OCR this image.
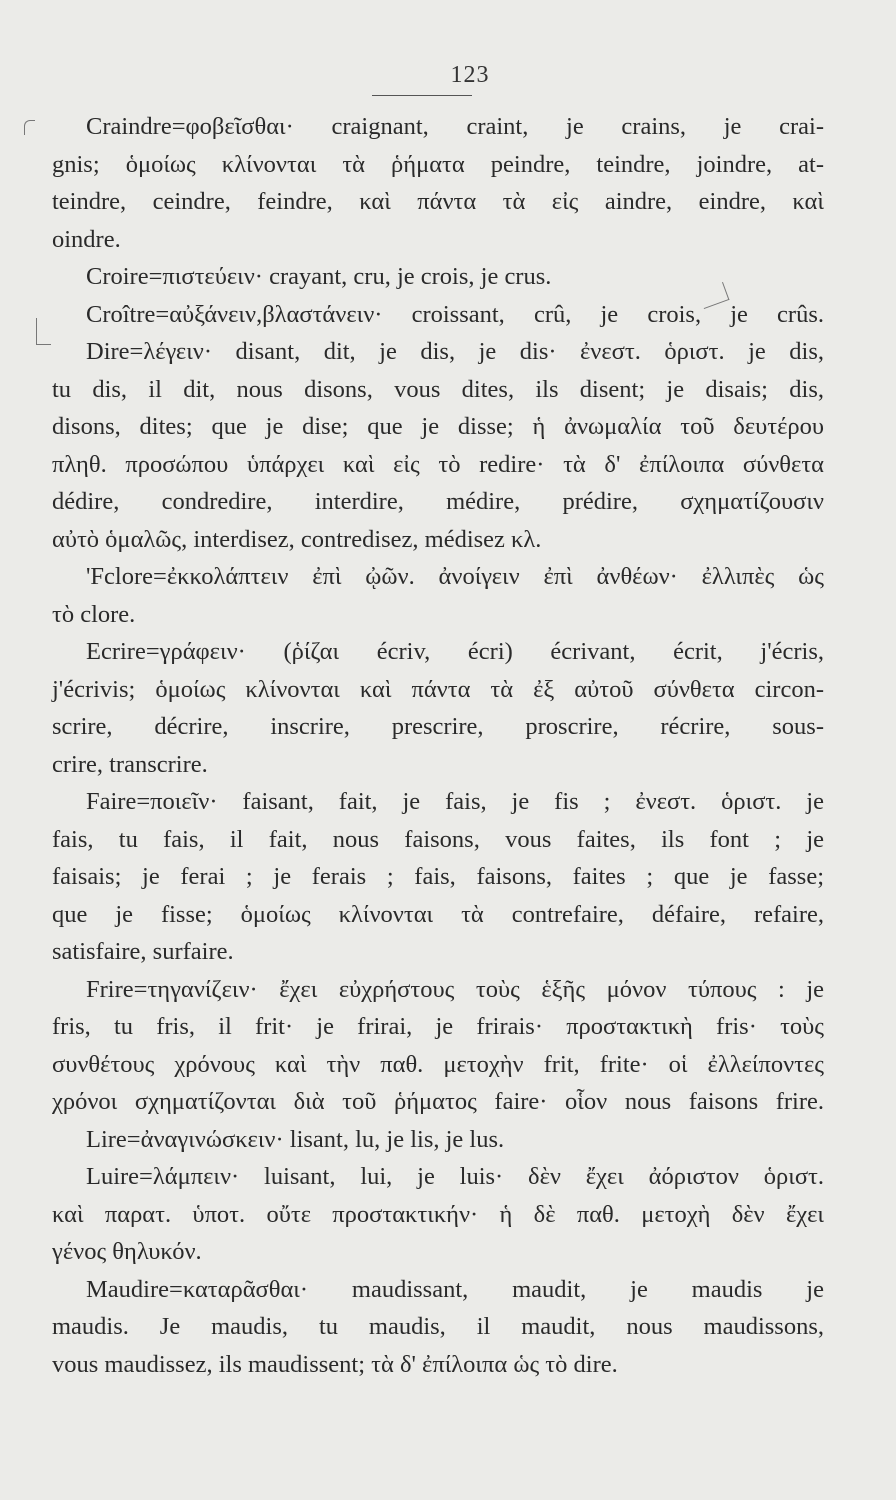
123
Craindre=φοβεῖσθαι· craignant, craint, je crains, je crai-
gnis; ὁμοίως κλίνονται τὰ ῥήματα peindre, teindre, joindre, at-
teindre, ceindre, feindre, καὶ πάντα τὰ εἰς aindre, eindre, καὶ
oindre.
Croire=πιστεύειν· crayant, cru, je crois, je crus.
Croître=αὐξάνειν,βλαστάνειν· croissant, crû, je crois, je crûs.
Dire=λέγειν· disant, dit, je dis, je dis· ἐνεστ. ὁριστ. je dis,
tu dis, il dit, nous disons, vous dites, ils disent; je disais; dis,
disons, dites; que je dise; que je disse; ἡ ἀνωμαλία τοῦ δευτέρου
πληθ. προσώπου ὑπάρχει καὶ εἰς τὸ redire· τὰ δ' ἐπίλοιπα σύνθετα
dédire, condredire, interdire, médire, prédire, σχηματίζουσιν
αὐτὸ ὁμαλῶς, interdisez, contredisez, médisez κλ.
'Fclore=ἐκκολάπτειν ἐπὶ ᾠῶν. ἀνοίγειν ἐπὶ ἀνθέων· ἐλλιπὲς ὡς
τὸ clore.
Ecrire=γράφειν· (ῥίζαι écriv, écri) écrivant, écrit, j'écris,
j'écrivis; ὁμοίως κλίνονται καὶ πάντα τὰ ἐξ αὐτοῦ σύνθετα circon-
scrire, décrire, inscrire, prescrire, proscrire, récrire, sous-
crire, transcrire.
Faire=ποιεῖν· faisant, fait, je fais, je fis ; ἐνεστ. ὁριστ. je
fais, tu fais, il fait, nous faisons, vous faites, ils font ; je
faisais; je ferai ; je ferais ; fais, faisons, faites ; que je fasse;
que je fisse; ὁμοίως κλίνονται τὰ contrefaire, défaire, refaire,
satisfaire, surfaire.
Frire=τηγανίζειν· ἔχει εὐχρήστους τοὺς ἑξῆς μόνον τύπους : je
fris, tu fris, il frit· je frirai, je frirais· προστακτικὴ fris· τοὺς
συνθέτους χρόνους καὶ τὴν παθ. μετοχὴν frit, frite· οἱ ἐλλείποντες
χρόνοι σχηματίζονται διὰ τοῦ ῥήματος faire· οἷον nous faisons frire.
Lire=ἀναγινώσκειν· lisant, lu, je lis, je lus.
Luire=λάμπειν· luisant, lui, je luis· δὲν ἔχει ἀόριστον ὁριστ.
καὶ παρατ. ὑποτ. οὔτε προστακτικήν· ἡ δὲ παθ. μετοχὴ δὲν ἔχει
γένος θηλυκόν.
Maudire=καταρᾶσθαι· maudissant, maudit, je maudis je
maudis. Je maudis, tu maudis, il maudit, nous maudissons,
vous maudissez, ils maudissent; τὰ δ' ἐπίλοιπα ὡς τὸ dire.
